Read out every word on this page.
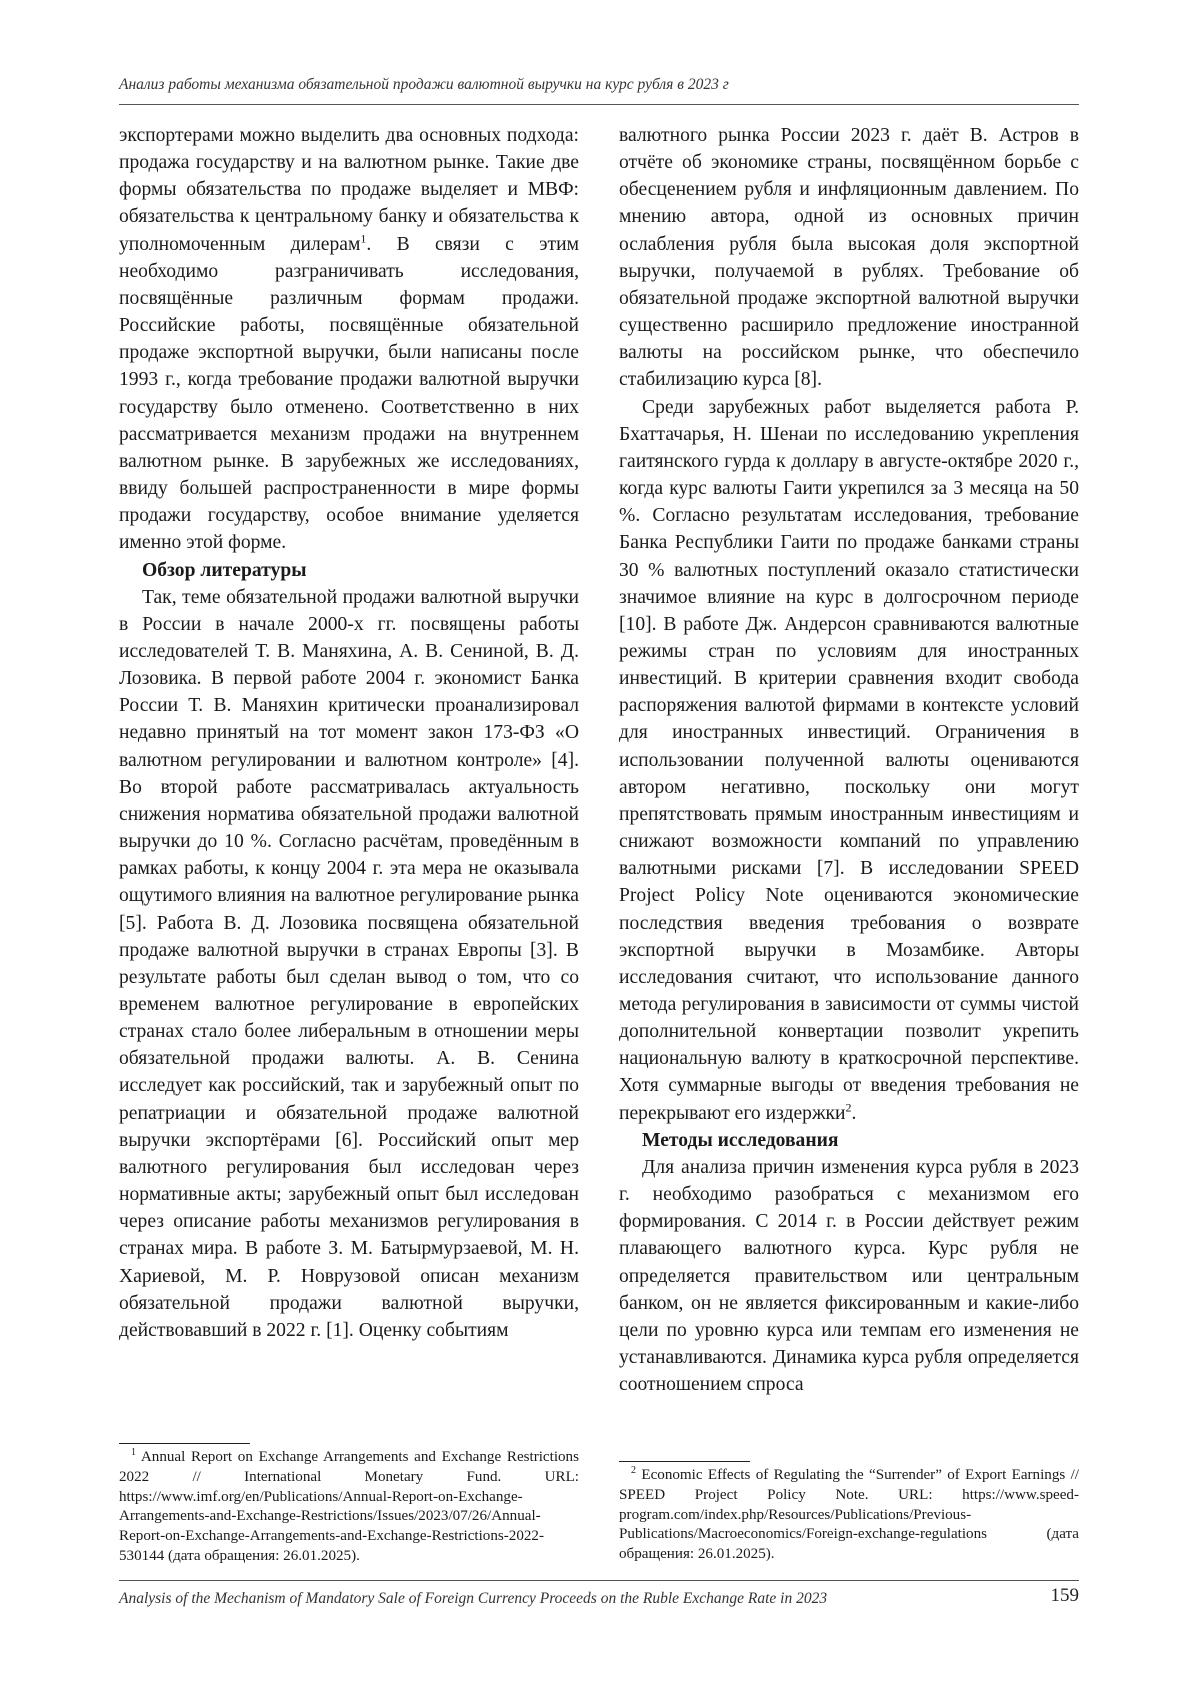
Анализ работы механизма обязательной продажи валютной выручки на курс рубля в 2023 г

экспортерами можно выделить два основных подхода: продажа государству и на валютном рынке. Такие две формы обязательства по продаже выделяет и МВФ: обязательства к центральному банку и обязательства к уполномоченным дилерам$^1$. В связи с этим необходимо разграничивать исследования, посвящённые различным формам продажи. Российские работы, посвящённые обязательной продаже экспортной выручки, были написаны после 1993 г., когда требование продажи валютной выручки государству было отменено. Соответственно в них рассматривается механизм продажи на внутреннем валютном рынке. В зарубежных же исследованиях, ввиду большей распространенности в мире формы продажи государству, особое внимание уделяется именно этой форме.

Обзор литературы

Так, теме обязательной продажи валютной выручки в России в начале 2000-х гг. посвящены работы исследователей Т. В. Маняхина, А. В. Сениной, В. Д. Лозовика. В первой работе 2004 г. экономист Банка России Т. В. Маняхин критически проанализировал недавно принятый на тот момент закон 173-ФЗ «О валютном регулировании и валютном контроле» [4]. Во второй работе рассматривалась актуальность снижения норматива обязательной продажи валютной выручки до 10 %. Согласно расчётам, проведённым в рамках работы, к концу 2004 г. эта мера не оказывала ощутимого влияния на валютное регулирование рынка [5]. Работа В. Д. Лозовика посвящена обязательной продаже валютной выручки в странах Европы [3]. В результате работы был сделан вывод о том, что со временем валютное регулирование в европейских странах стало более либеральным в отношении меры обязательной продажи валюты. А. В. Сенина исследует как российский, так и зарубежный опыт по репатриации и обязательной продаже валютной выручки экспортёрами [6]. Российский опыт мер валютного регулирования был исследован через нормативные акты; зарубежный опыт был исследован через описание работы механизмов регулирования в странах мира. В работе З. М. Батырмурзаевой, М. Н. Хариевой, М. Р. Новрузовой описан механизм обязательной продажи валютной выручки, действовавший в 2022 г. [1]. Оценку событиям

$^1$ Annual Report on Exchange Arrangements and Exchange Restrictions 2022 // International Monetary Fund. URL: https://www.imf.org/en/Publications/Annual-Report-on-Exchange-Arrangements-and-Exchange-Restrictions/Issues/2023/07/26/Annual-Report-on-Exchange-Arrangements-and-Exchange-Restrictions-2022-530144 (дата обращения: 26.01.2025).

валютного рынка России 2023 г. даёт В. Астров в отчёте об экономике страны, посвящённом борьбе с обесценением рубля и инфляционным давлением. По мнению автора, одной из основных причин ослабления рубля была высокая доля экспортной выручки, получаемой в рублях. Требование об обязательной продаже экспортной валютной выручки существенно расширило предложение иностранной валюты на российском рынке, что обеспечило стабилизацию курса [8].

Среди зарубежных работ выделяется работа Р. Бхаттачарья, Н. Шенаи по исследованию укрепления гаитянского гурда к доллару в августе-октябре 2020 г., когда курс валюты Гаити укрепился за 3 месяца на 50 %. Согласно результатам исследования, требование Банка Республики Гаити по продаже банками страны 30 % валютных поступлений оказало статистически значимое влияние на курс в долгосрочном периоде [10]. В работе Дж. Андерсон сравниваются валютные режимы стран по условиям для иностранных инвестиций. В критерии сравнения входит свобода распоряжения валютой фирмами в контексте условий для иностранных инвестиций. Ограничения в использовании полученной валюты оцениваются автором негативно, поскольку они могут препятствовать прямым иностранным инвестициям и снижают возможности компаний по управлению валютными рисками [7]. В исследовании SPEED Project Policy Note оцениваются экономические последствия введения требования о возврате экспортной выручки в Мозамбике. Авторы исследования считают, что использование данного метода регулирования в зависимости от суммы чистой дополнительной конвертации позволит укрепить национальную валюту в краткосрочной перспективе. Хотя суммарные выгоды от введения требования не перекрывают его издержки$^2$.

Методы исследования

Для анализа причин изменения курса рубля в 2023 г. необходимо разобраться с механизмом его формирования. С 2014 г. в России действует режим плавающего валютного курса. Курс рубля не определяется правительством или центральным банком, он не является фиксированным и какие-либо цели по уровню курса или темпам его изменения не устанавливаются. Динамика курса рубля определяется соотношением спроса

$^2$ Economic Effects of Regulating the “Surrender” of Export Earnings // SPEED Project Policy Note. URL: https://www.speed-program.com/index.php/Resources/Publications/Previous-Publications/Macroeconomics/Foreign-exchange-regulations (дата обращения: 26.01.2025).

Analysis of the Mechanism of Mandatory Sale of Foreign Currency Proceeds on the Ruble Exchange Rate in 2023	159
